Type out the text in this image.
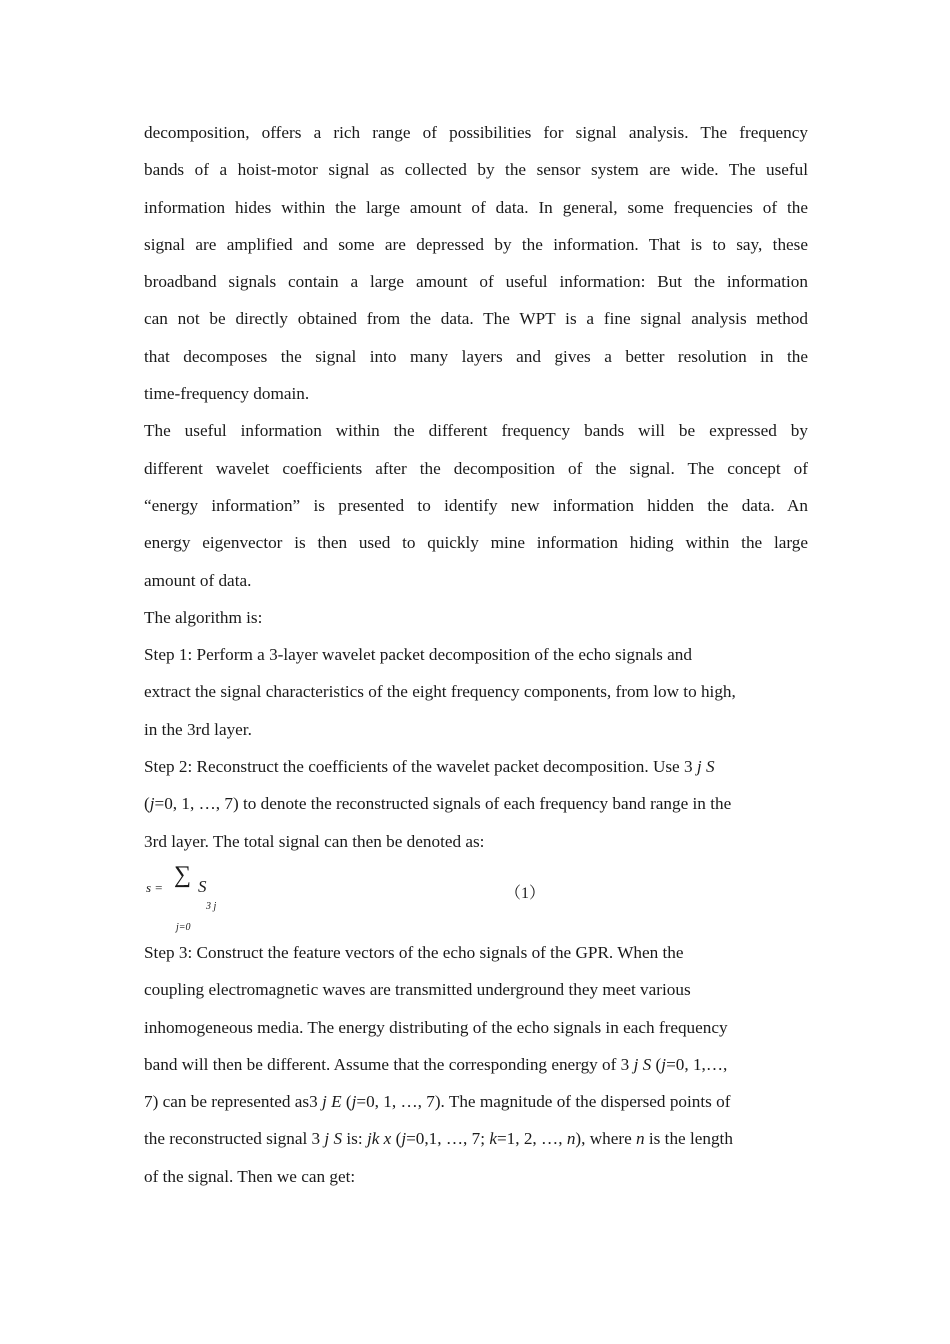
decomposition, offers a rich range of possibilities for signal analysis. The frequency
bands of a hoist-motor signal as collected by the sensor system are wide. The useful
information hides within the large amount of data. In general, some frequencies of the
signal are amplified and some are depressed by the information. That is to say, these
broadband signals contain a large amount of useful information: But the information
can not be directly obtained from the data. The WPT is a fine signal analysis method
that decomposes the signal into many layers and gives a better resolution in the
time-frequency domain.
The useful information within the different frequency bands will be expressed by
different wavelet coefficients after the decomposition of the signal. The concept of
“energy information” is presented to identify new information hidden the data. An
energy eigenvector is then used to quickly mine information hiding within the large
amount of data.
The algorithm is:
Step 1: Perform a 3-layer wavelet packet decomposition of the echo signals and
extract the signal characteristics of the eight frequency components, from low to high,
in the 3rd layer.
Step 2: Reconstruct the coefficients of the wavelet packet decomposition. Use 3 j S
(j=0, 1, …, 7) to denote the reconstructed signals of each frequency band range in the
3rd layer. The total signal can then be denoted as:
s = ∑ S
3 j
j=0
（1）
Step 3: Construct the feature vectors of the echo signals of the GPR. When the
coupling electromagnetic waves are transmitted underground they meet various
inhomogeneous media. The energy distributing of the echo signals in each frequency
band will then be different. Assume that the corresponding energy of 3 j S (j=0, 1,…,
7) can be represented as3 j E (j=0, 1, …, 7). The magnitude of the dispersed points of
the reconstructed signal 3 j S is: jk x (j=0,1, …, 7; k=1, 2, …, n), where n is the length
of the signal. Then we can get:
